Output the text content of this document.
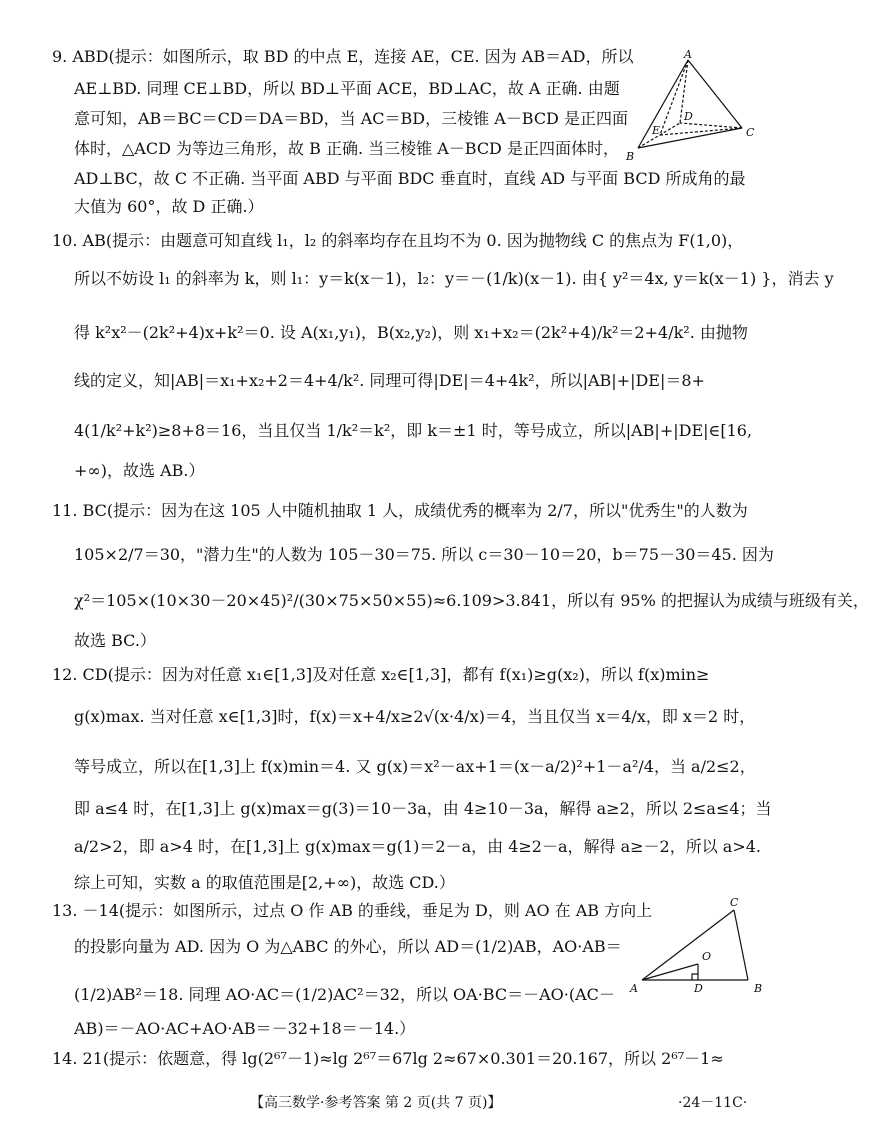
9. ABD(提示：如图所示，取 BD 的中点 E，连接 AE，CE. 因为 AB＝AD，所以
AE⊥BD. 同理 CE⊥BD，所以 BD⊥平面 ACE，BD⊥AC，故 A 正确. 由题
意可知，AB＝BC＝CD＝DA＝BD，当 AC＝BD，三棱锥 A－BCD 是正四面
体时，△ACD 为等边三角形，故 B 正确. 当三棱锥 A－BCD 是正四面体时，
AD⊥BC，故 C 不正确. 当平面 ABD 与平面 BDC 垂直时，直线 AD 与平面 BCD 所成角的最
大值为 60°，故 D 正确.）
A
B
C
D
E
10. AB(提示：由题意可知直线 l₁，l₂ 的斜率均存在且均不为 0. 因为抛物线 C 的焦点为 F(1,0)，
所以不妨设 l₁ 的斜率为 k，则 l₁：y＝k(x－1)，l₂：y＝－(1/k)(x－1). 由{ y²＝4x, y＝k(x－1) }，消去 y
得 k²x²－(2k²+4)x+k²＝0. 设 A(x₁,y₁)，B(x₂,y₂)，则 x₁+x₂＝(2k²+4)/k²＝2+4/k². 由抛物
线的定义，知|AB|＝x₁+x₂+2＝4+4/k². 同理可得|DE|＝4+4k²，所以|AB|+|DE|＝8+
4(1/k²+k²)≥8+8＝16，当且仅当 1/k²＝k²，即 k＝±1 时，等号成立，所以|AB|+|DE|∈[16,
+∞)，故选 AB.）
11. BC(提示：因为在这 105 人中随机抽取 1 人，成绩优秀的概率为 2/7，所以"优秀生"的人数为
105×2/7＝30，"潜力生"的人数为 105－30＝75. 所以 c＝30－10＝20，b＝75－30＝45. 因为
χ²＝105×(10×30－20×45)²/(30×75×50×55)≈6.109>3.841，所以有 95% 的把握认为成绩与班级有关，
故选 BC.）
12. CD(提示：因为对任意 x₁∈[1,3]及对任意 x₂∈[1,3]，都有 f(x₁)≥g(x₂)，所以 f(x)min≥
g(x)max. 当对任意 x∈[1,3]时，f(x)＝x+4/x≥2√(x·4/x)＝4，当且仅当 x＝4/x，即 x＝2 时，
等号成立，所以在[1,3]上 f(x)min＝4. 又 g(x)＝x²－ax+1＝(x－a/2)²+1－a²/4，当 a/2≤2，
即 a≤4 时，在[1,3]上 g(x)max＝g(3)＝10－3a，由 4≥10－3a，解得 a≥2，所以 2≤a≤4；当
a/2>2，即 a>4 时，在[1,3]上 g(x)max＝g(1)＝2－a，由 4≥2－a，解得 a≥－2，所以 a>4.
综上可知，实数 a 的取值范围是[2,+∞)，故选 CD.）
13. －14(提示：如图所示，过点 O 作 AB 的垂线，垂足为 D，则 AO 在 AB 方向上
的投影向量为 AD. 因为 O 为△ABC 的外心，所以 AD＝(1/2)AB，AO·AB＝
(1/2)AB²＝18. 同理 AO·AC＝(1/2)AC²＝32，所以 OA·BC＝－AO·(AC－
AB)＝－AO·AC+AO·AB＝－32+18＝－14.）
A	B
C
D
O
14. 21(提示：依题意，得 lg(2⁶⁷－1)≈lg 2⁶⁷＝67lg 2≈67×0.301＝20.167，所以 2⁶⁷－1≈
【高三数学·参考答案 第 2 页(共 7 页)】	·24－11C·
